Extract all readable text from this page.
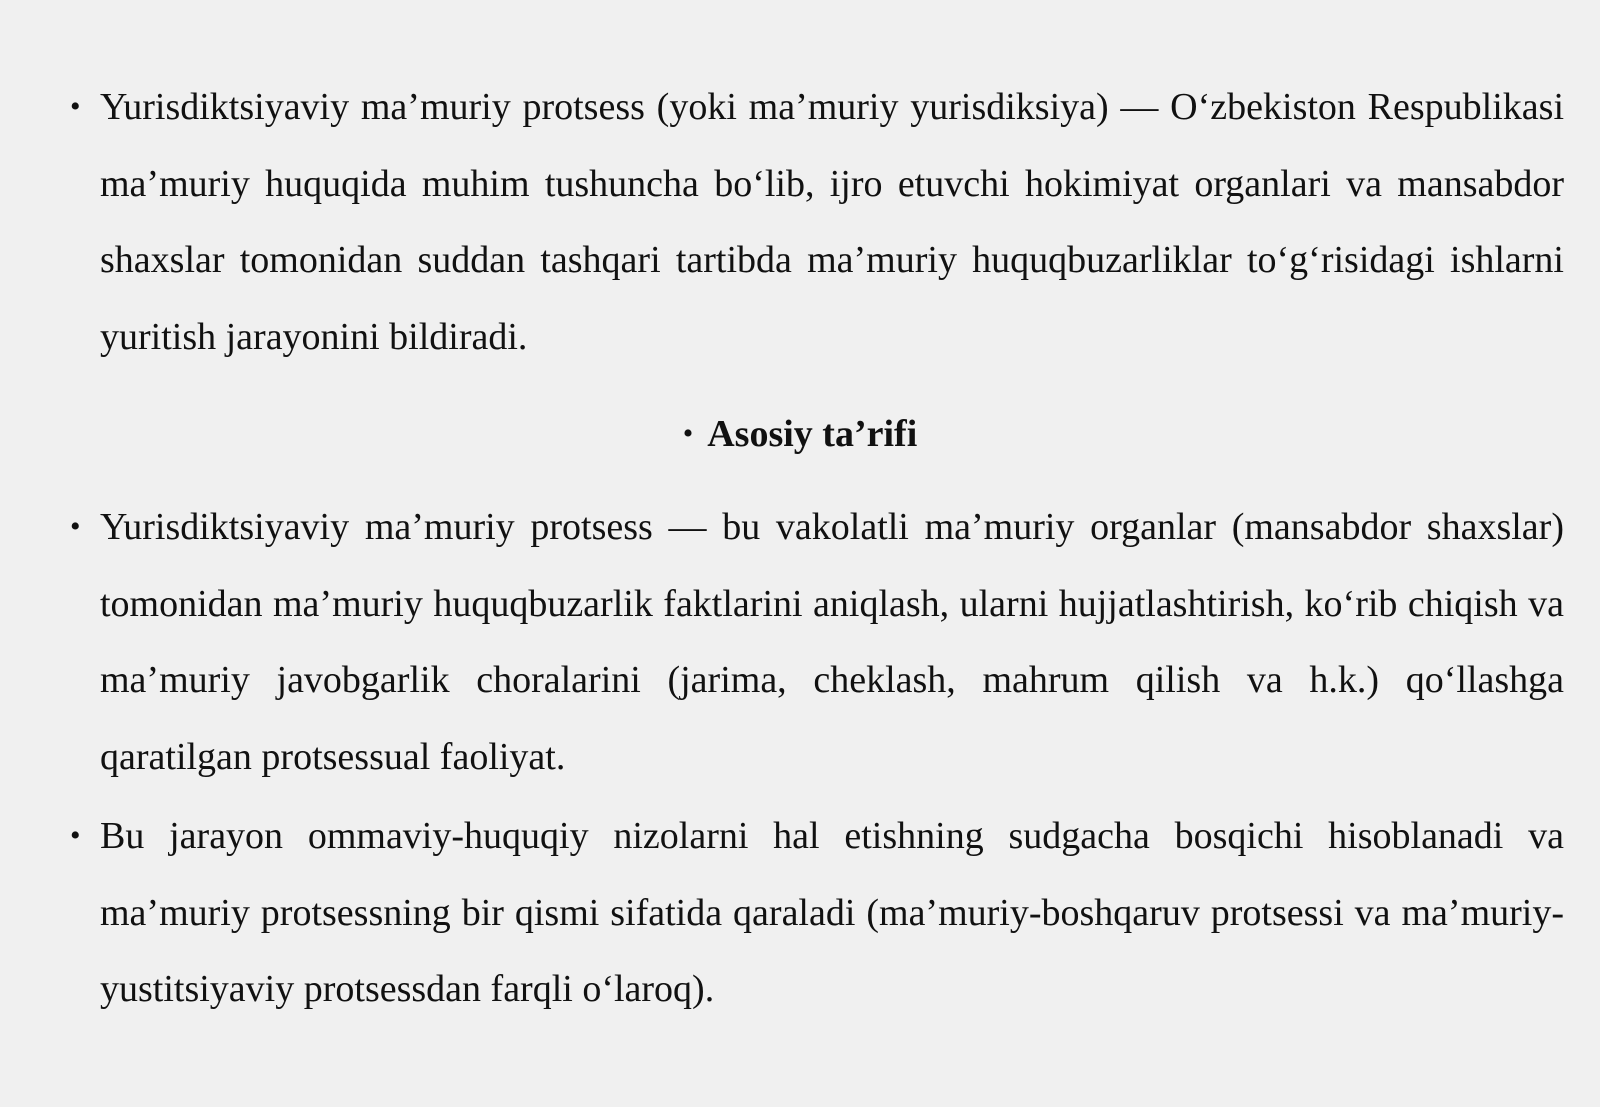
• Yurisdiktsiyaviy ma’muriy protsess (yoki ma’muriy yurisdiksiya) — O‘zbekiston Respublikasi ma’muriy huquqida muhim tushuncha bo‘lib, ijro etuvchi hokimiyat organlari va mansabdor shaxslar tomonidan suddan tashqari tartibda ma’muriy huquqbuzarliklar to‘g‘risidagi ishlarni yuritish jarayonini bildiradi.
• Asosiy ta’rifi
• Yurisdiktsiyaviy ma’muriy protsess — bu vakolatli ma’muriy organlar (mansabdor shaxslar) tomonidan ma’muriy huquqbuzarlik faktlarini aniqlash, ularni hujjatlashtirish, ko‘rib chiqish va ma’muriy javobgarlik choralarini (jarima, cheklash, mahrum qilish va h.k.) qo‘llashga qaratilgan protsessual faoliyat.
• Bu jarayon ommaviy-huquqiy nizolarni hal etishning sudgacha bosqichi hisoblanadi va ma’muriy protsessning bir qismi sifatida qaraladi (ma’muriy-boshqaruv protsessi va ma’muriy-yustitsiyaviy protsessdan farqli o‘laroq).
